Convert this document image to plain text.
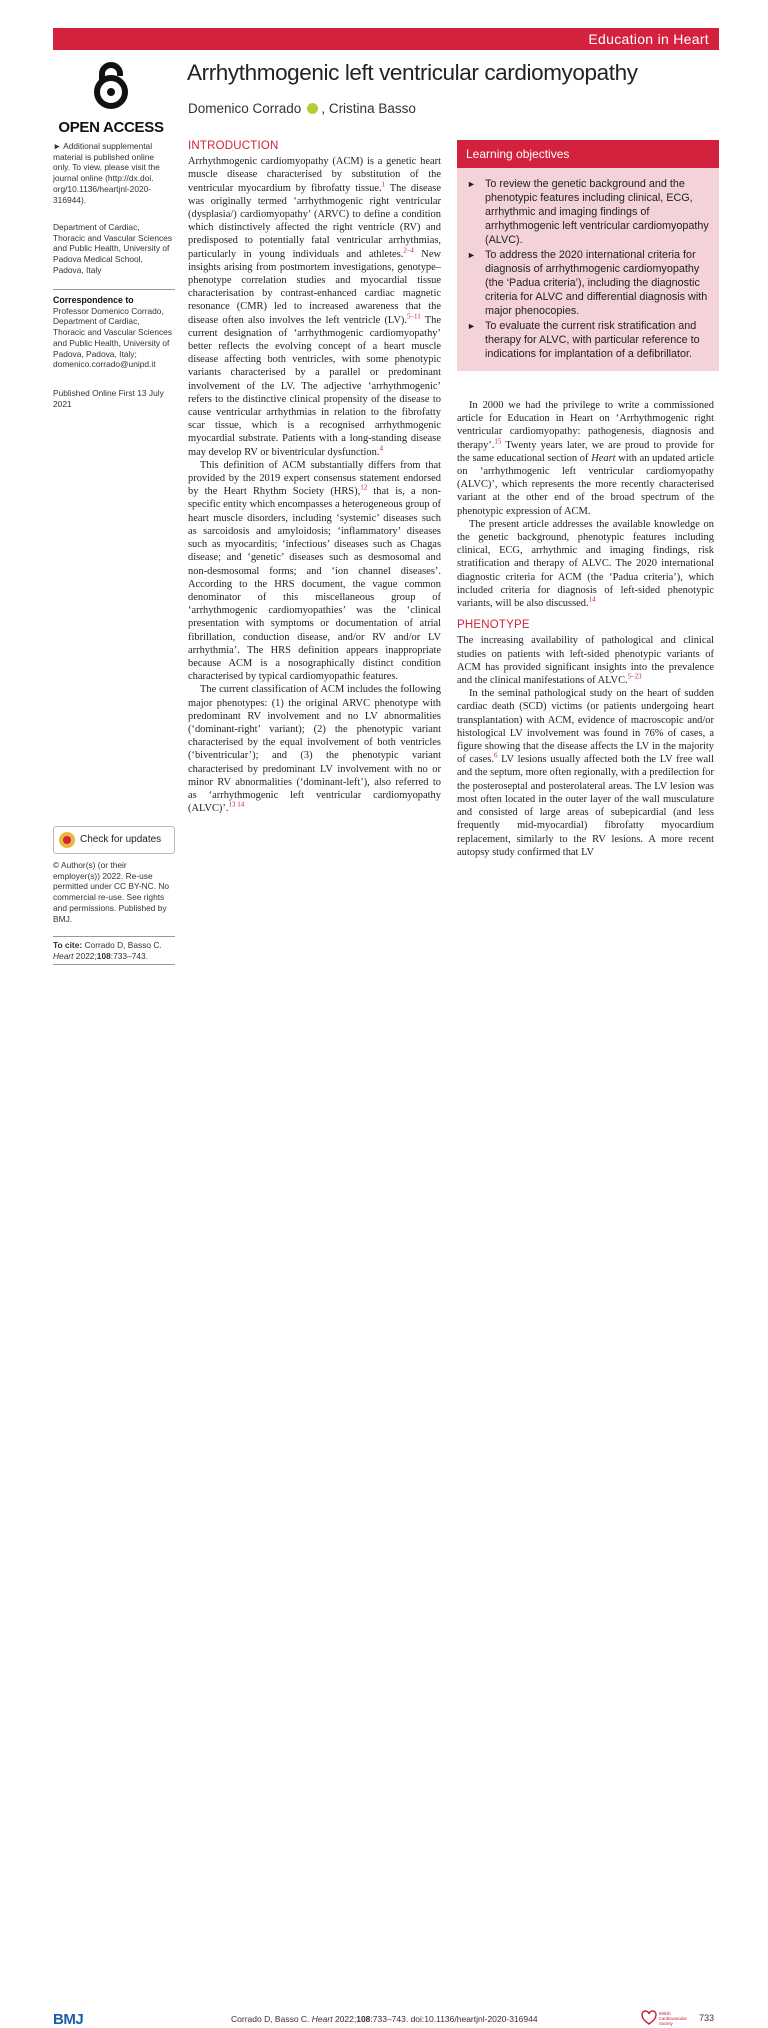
Education in Heart
OPEN ACCESS
Arrhythmogenic left ventricular cardiomyopathy
Domenico Corrado , Cristina Basso
► Additional supplemental material is published online only. To view, please visit the journal online (http://dx.doi. org/10.1136/heartjnl-2020-316944).
Department of Cardiac, Thoracic and Vascular Sciences and Public Health, University of Padova Medical School, Padova, Italy
Correspondence to
Professor Domenico Corrado, Department of Cardiac, Thoracic and Vascular Sciences and Public Health, University of Padova, Padova, Italy; domenico.corrado@unipd.it
Published Online First 13 July 2021
Check for updates
© Author(s) (or their employer(s)) 2022. Re-use permitted under CC BY-NC. No commercial re-use. See rights and permissions. Published by BMJ.
To cite: Corrado D, Basso C. Heart 2022;108:733–743.
INTRODUCTION

Arrhythmogenic cardiomyopathy (ACM) is a genetic heart muscle disease characterised by substitution of the ventricular myocardium by fibrofatty tissue.$^1$ The disease was originally termed ‘arrhythmogenic right ventricular (dysplasia/) cardiomyopathy’ (ARVC) to define a condition which distinctively affected the right ventricle (RV) and predisposed to potentially fatal ventricular arrhythmias, particularly in young individuals and athletes.$^{2-4}$ New insights arising from postmortem investigations, genotype–phenotype correlation studies and myocardial tissue characterisation by contrast-enhanced cardiac magnetic resonance (CMR) led to increased awareness that the disease often also involves the left ventricle (LV).$^{5-11}$ The current designation of ‘arrhythmogenic cardiomyopathy’ better reflects the evolving concept of a heart muscle disease affecting both ventricles, with some phenotypic variants characterised by a parallel or predominant involvement of the LV. The adjective ‘arrhythmogenic’ refers to the distinctive clinical propensity of the disease to cause ventricular arrhythmias in relation to the fibrofatty scar tissue, which is a recognised arrhythmogenic myocardial substrate. Patients with a long-standing disease may develop RV or biventricular dysfunction.$^4$

This definition of ACM substantially differs from that provided by the 2019 expert consensus statement endorsed by the Heart Rhythm Society (HRS),$^{12}$ that is, a non-specific entity which encompasses a heterogeneous group of heart muscle disorders, including ‘systemic’ diseases such as sarcoidosis and amyloidosis; ‘inflammatory’ diseases such as myocarditis; ‘infectious’ diseases such as Chagas disease; and ‘genetic’ diseases such as desmosomal and non-desmosomal forms; and ‘ion channel diseases’. According to the HRS document, the vague common denominator of this miscellaneous group of ‘arrhythmogenic cardiomyopathies’ was the ‘clinical presentation with symptoms or documentation of atrial fibrillation, conduction disease, and/or RV and/or LV arrhythmia’. The HRS definition appears inappropriate because ACM is a nosographically distinct condition characterised by typical cardiomyopathic features.

The current classification of ACM includes the following major phenotypes: (1) the original ARVC phenotype with predominant RV involvement and no LV abnormalities (‘dominant-right’ variant); (2) the phenotypic variant characterised by the equal involvement of both ventricles (‘biventricular’); and (3) the phenotypic variant characterised by predominant LV involvement with no or minor RV abnormalities (‘dominant-left’), also referred to as ‘arrhythmogenic left ventricular cardiomyopathy (ALVC)’.$^{13 14}$

Learning objectives
► To review the genetic background and the phenotypic features including clinical, ECG, arrhythmic and imaging findings of arrhythmogenic left ventricular cardiomyopathy (ALVC).
► To address the 2020 international criteria for diagnosis of arrhythmogenic cardiomyopathy (the ‘Padua criteria’), including the diagnostic criteria for ALVC and differential diagnosis with major phenocopies.
► To evaluate the current risk stratification and therapy for ALVC, with particular reference to indications for implantation of a defibrillator.

In 2000 we had the privilege to write a commissioned article for Education in Heart on ‘Arrhythmogenic right ventricular cardiomyopathy: pathogenesis, diagnosis and therapy’.$^{15}$ Twenty years later, we are proud to provide for the same educational section of Heart with an updated article on ‘arrhythmogenic left ventricular cardiomyopathy (ALVC)’, which represents the more recently characterised variant at the other end of the broad spectrum of the phenotypic expression of ACM.

The present article addresses the available knowledge on the genetic background, phenotypic features including clinical, ECG, arrhythmic and imaging findings, risk stratification and therapy of ALVC. The 2020 international diagnostic criteria for ACM (the ‘Padua criteria’), which included criteria for diagnosis of left-sided phenotypic variants, will be also discussed.$^{14}$

PHENOTYPE

The increasing availability of pathological and clinical studies on patients with left-sided phenotypic variants of ACM has provided significant insights into the prevalence and the clinical manifestations of ALVC.$^{5-23}$

In the seminal pathological study on the heart of sudden cardiac death (SCD) victims (or patients undergoing heart transplantation) with ACM, evidence of macroscopic and/or histological LV involvement was found in 76% of cases, a figure showing that the disease affects the LV in the majority of cases.$^6$ LV lesions usually affected both the LV free wall and the septum, more often regionally, with a predilection for the posteroseptal and posterolateral areas. The LV lesion was most often located in the outer layer of the wall musculature and consisted of large areas of subepicardial (and less frequently mid-myocardial) fibrofatty myocardium replacement, similarly to the RV lesions. A more recent autopsy study confirmed that LV

BMJ	Corrado D, Basso C. Heart 2022;108:733–743. doi:10.1136/heartjnl-2020-316944
British Cardiovascular Society
733
